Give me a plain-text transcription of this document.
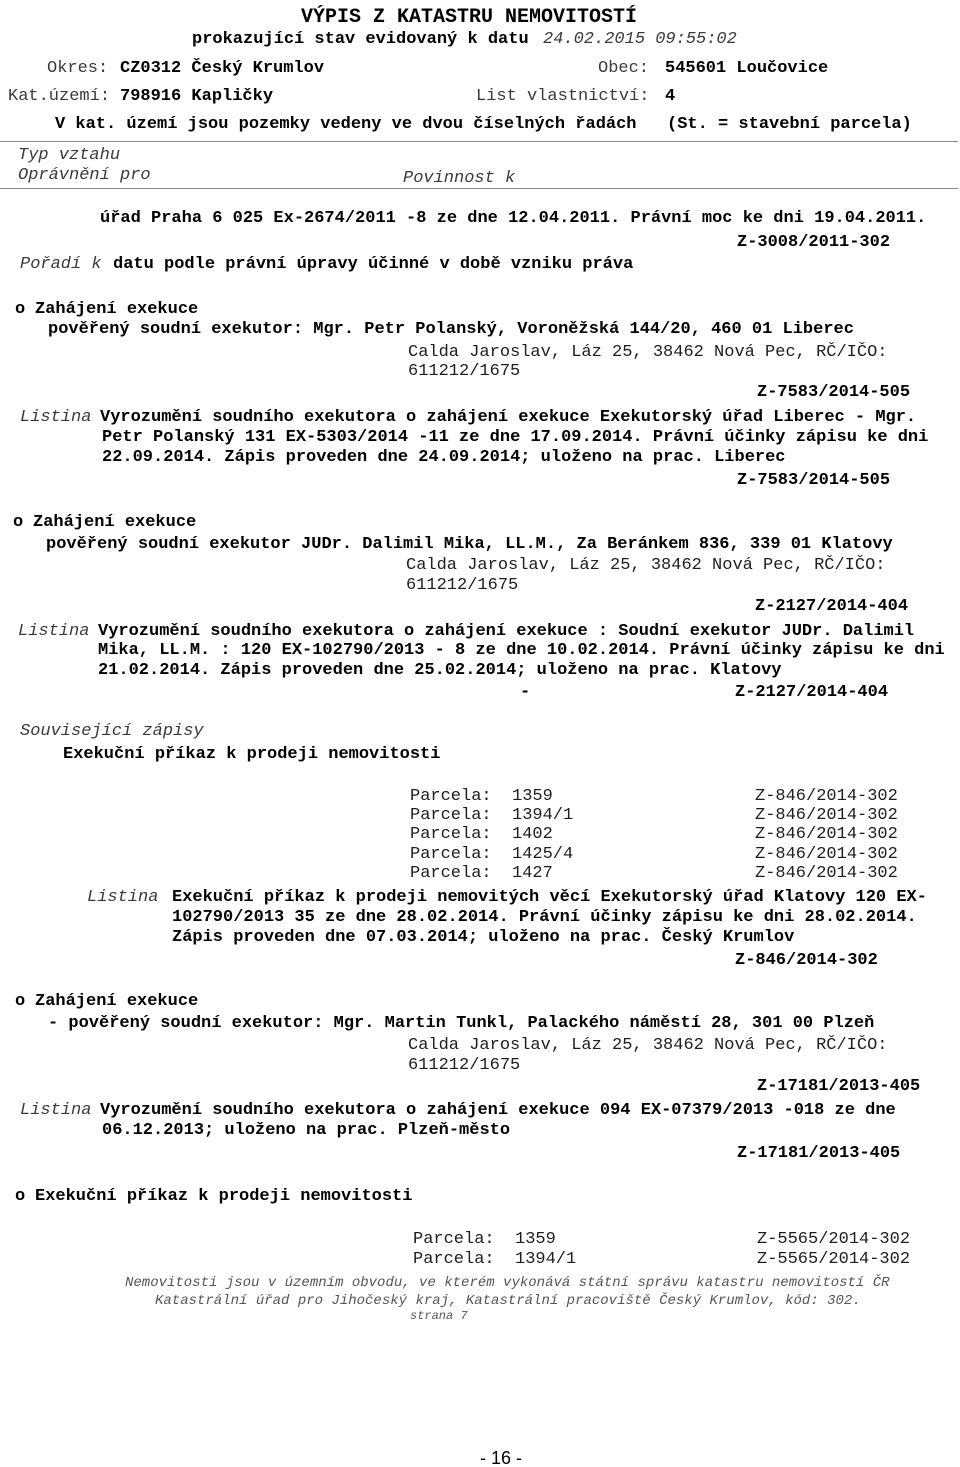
VÝPIS Z KATASTRU NEMOVITOSTÍ
prokazující stav evidovaný k datu 24.02.2015 09:55:02
Okres: CZ0312 Český Krumlov	Obec: 545601 Loučovice
Kat.území: 798916 Kapličky	List vlastnictví: 4
V kat. území jsou pozemky vedeny ve dvou číselných řadách (St. = stavební parcela)
Typ vztahu
Oprávnění pro	Povinnost k
úřad Praha 6 025 Ex-2674/2011 -8 ze dne 12.04.2011. Právní moc ke dni 19.04.2011.
Z-3008/2011-302
Pořadí k datu podle právní úpravy účinné v době vzniku práva
o Zahájení exekuce
pověřený soudní exekutor: Mgr. Petr Polanský, Voroněžská 144/20, 460 01 Liberec
Calda Jaroslav, Láz 25, 38462 Nová Pec, RČ/IČO:
611212/1675
Z-7583/2014-505
Listina Vyrozumění soudního exekutora o zahájení exekuce Exekutorský úřad Liberec - Mgr.
Petr Polanský 131 EX-5303/2014 -11 ze dne 17.09.2014. Právní účinky zápisu ke dni
22.09.2014. Zápis proveden dne 24.09.2014; uloženo na prac. Liberec
Z-7583/2014-505
o Zahájení exekuce
pověřený soudní exekutor JUDr. Dalimil Mika, LL.M., Za Beránkem 836, 339 01 Klatovy
Calda Jaroslav, Láz 25, 38462 Nová Pec, RČ/IČO:
611212/1675
Z-2127/2014-404
Listina Vyrozumění soudního exekutora o zahájení exekuce : Soudní exekutor JUDr. Dalimil
Mika, LL.M. : 120 EX-102790/2013 - 8 ze dne 10.02.2014. Právní účinky zápisu ke dni
21.02.2014. Zápis proveden dne 25.02.2014; uloženo na prac. Klatovy
-	Z-2127/2014-404
Související zápisy
Exekuční příkaz k prodeji nemovitosti
Parcela: 1359	Z-846/2014-302
Parcela: 1394/1	Z-846/2014-302
Parcela: 1402	Z-846/2014-302
Parcela: 1425/4	Z-846/2014-302
Parcela: 1427	Z-846/2014-302
Listina Exekuční příkaz k prodeji nemovitých věcí Exekutorský úřad Klatovy 120 EX-
102790/2013 35 ze dne 28.02.2014. Právní účinky zápisu ke dni 28.02.2014.
Zápis proveden dne 07.03.2014; uloženo na prac. Český Krumlov
Z-846/2014-302
o Zahájení exekuce
- pověřený soudní exekutor: Mgr. Martin Tunkl, Palackého náměstí 28, 301 00 Plzeň
Calda Jaroslav, Láz 25, 38462 Nová Pec, RČ/IČO:
611212/1675
Z-17181/2013-405
Listina Vyrozumění soudního exekutora o zahájení exekuce 094 EX-07379/2013 -018 ze dne
06.12.2013; uloženo na prac. Plzeň-město
Z-17181/2013-405
o Exekuční příkaz k prodeji nemovitosti
Parcela: 1359	Z-5565/2014-302
Parcela: 1394/1	Z-5565/2014-302
Nemovitosti jsou v územním obvodu, ve kterém vykonává státní správu katastru nemovitostí ČR
Katastrální úřad pro Jihočeský kraj, Katastrální pracoviště Český Krumlov, kód: 302.
strana 7
- 16 -
